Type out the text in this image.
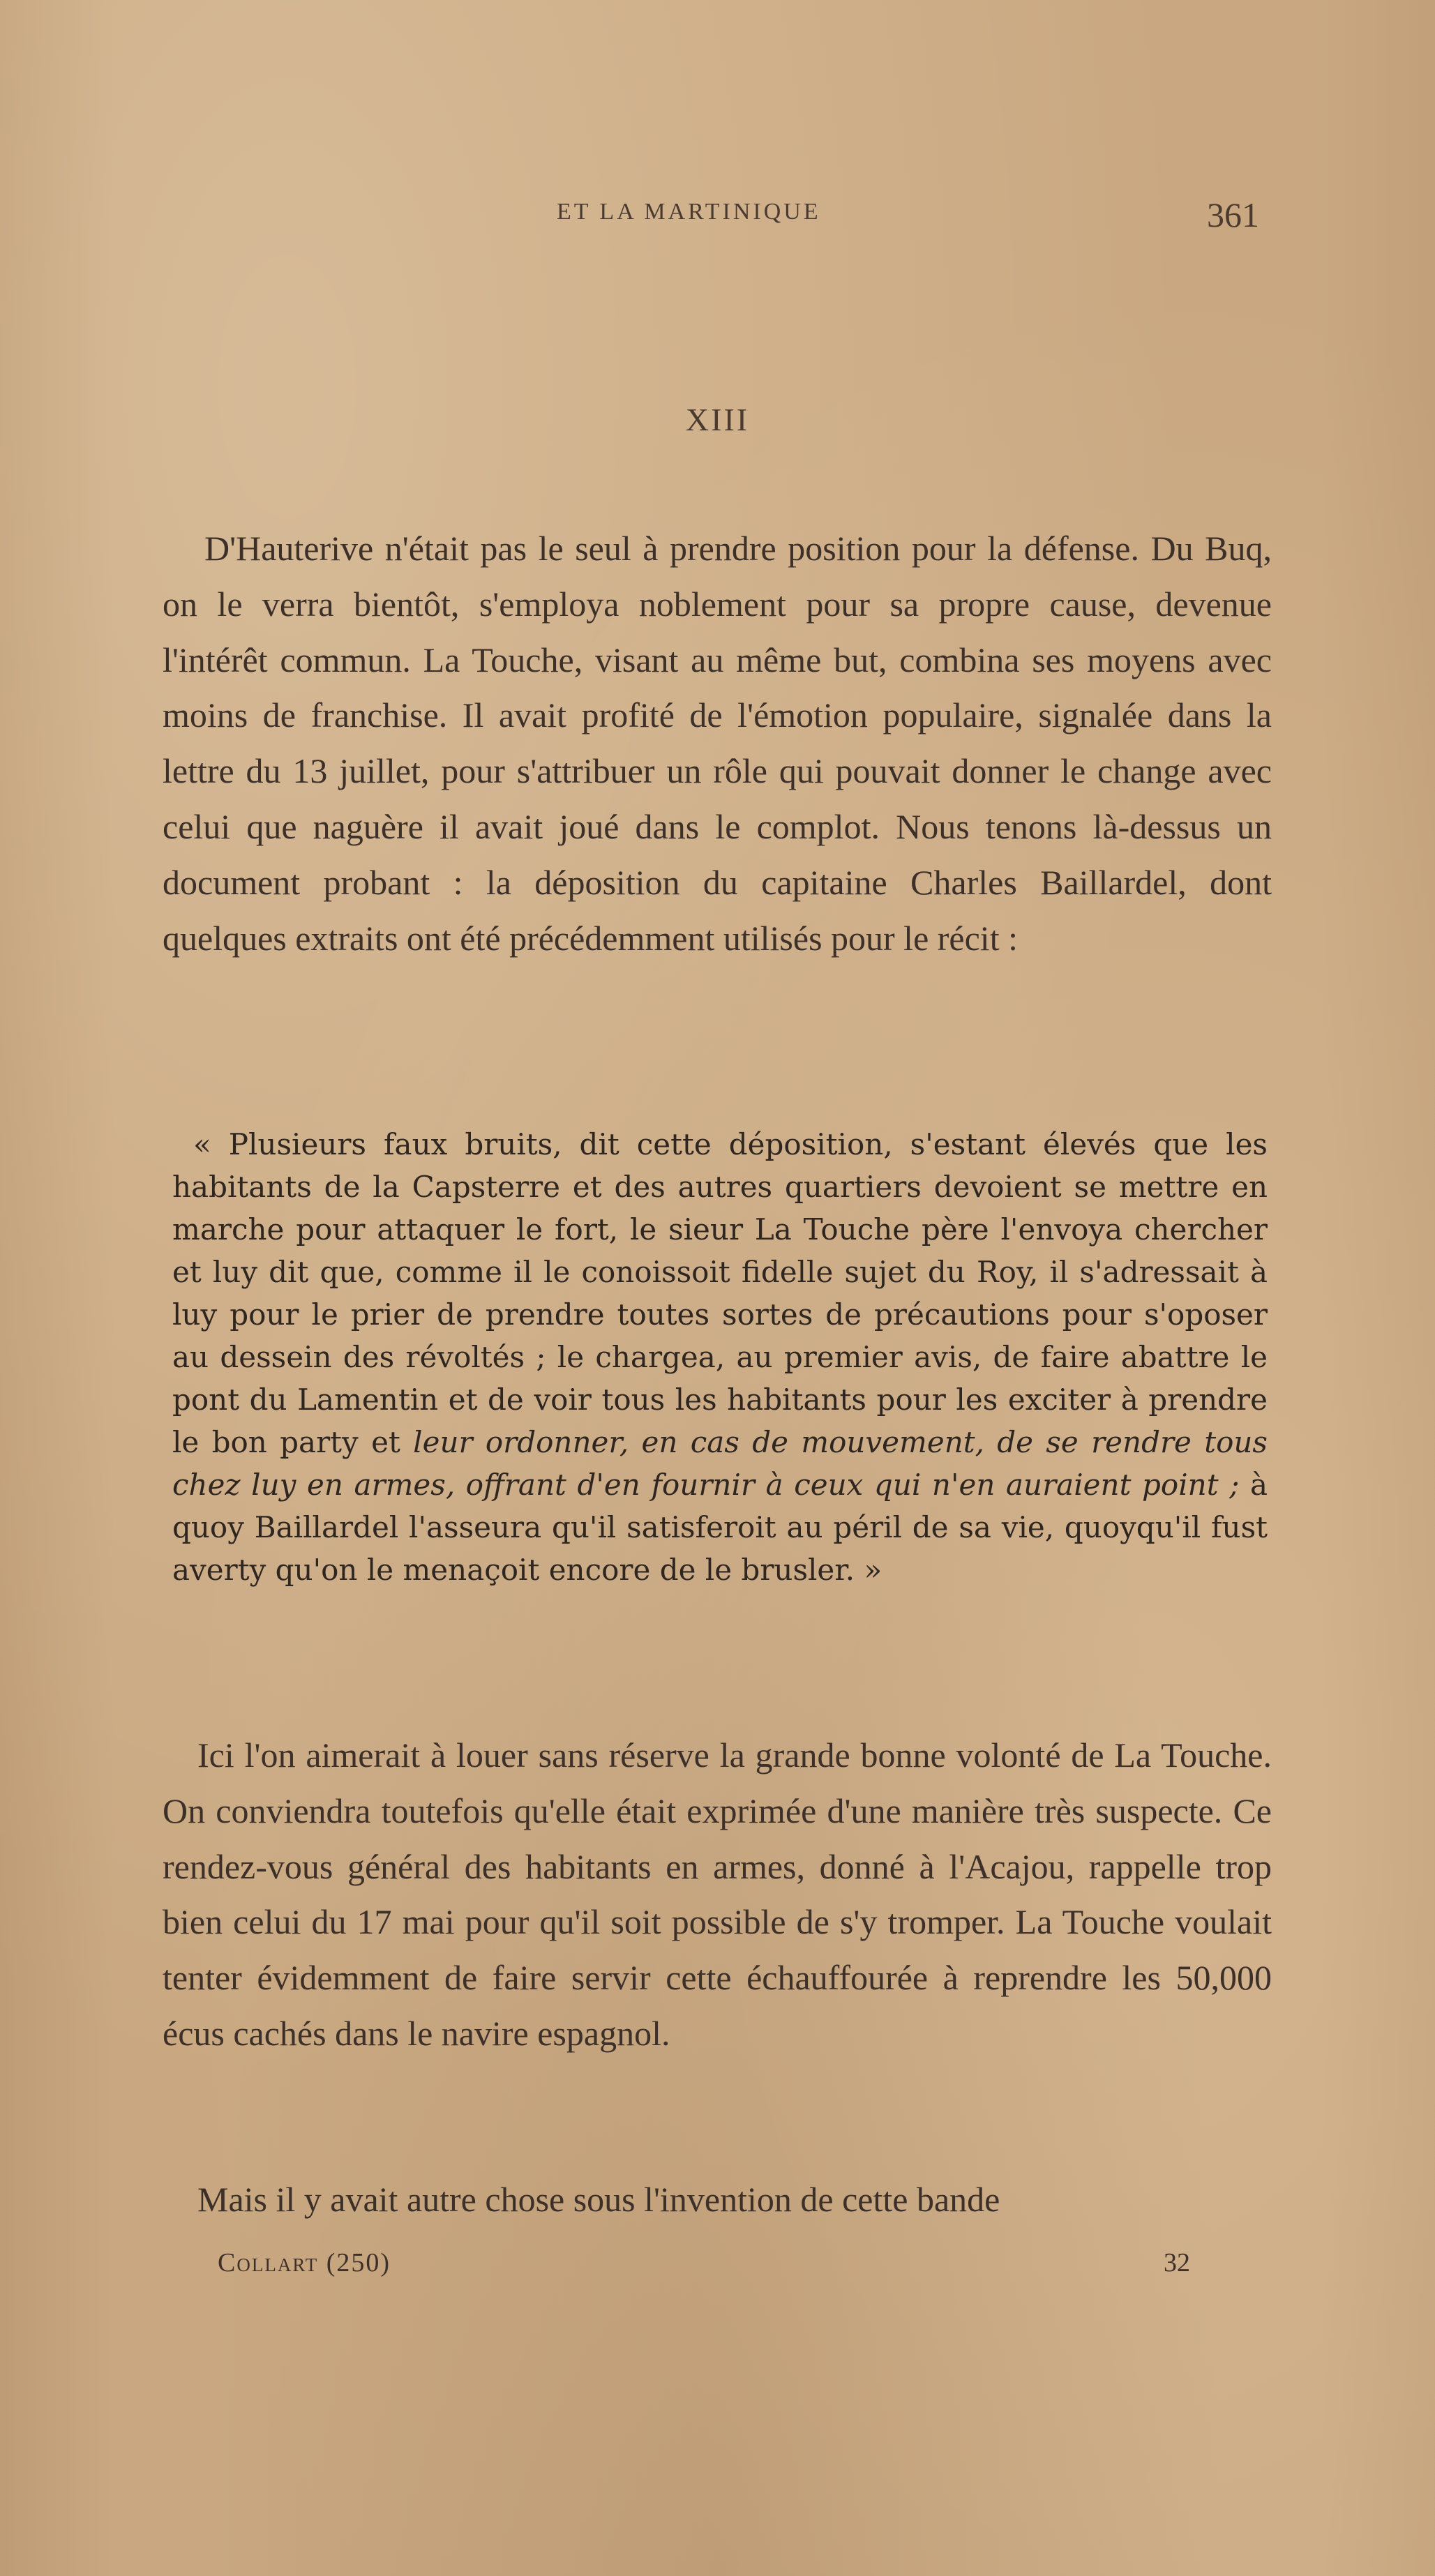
ET LA MARTINIQUE	361
XIII

D'Hauterive n'était pas le seul à prendre position pour la défense. Du Buq, on le verra bientôt, s'employa noblement pour sa propre cause, devenue l'intérêt commun. La Touche, visant au même but, combina ses moyens avec moins de franchise. Il avait profité de l'émotion populaire, signalée dans la lettre du 13 juillet, pour s'attribuer un rôle qui pouvait donner le change avec celui que naguère il avait joué dans le complot. Nous tenons là-dessus un document probant : la déposition du capitaine Charles Baillardel, dont quelques extraits ont été précédemment utilisés pour le récit :

« Plusieurs faux bruits, dit cette déposition, s'estant élevés que les habitants de la Capsterre et des autres quartiers devoient se mettre en marche pour attaquer le fort, le sieur La Touche père l'envoya chercher et luy dit que, comme il le conoissoit fidelle sujet du Roy, il s'adressait à luy pour le prier de prendre toutes sortes de précautions pour s'oposer au dessein des révoltés ; le chargea, au premier avis, de faire abattre le pont du Lamentin et de voir tous les habitants pour les exciter à prendre le bon party et leur ordonner, en cas de mouvement, de se rendre tous chez luy en armes, offrant d'en fournir à ceux qui n'en auraient point ; à quoy Baillardel l'asseura qu'il satisferoit au péril de sa vie, quoyqu'il fust averty qu'on le menaçoit encore de le brusler. »

Ici l'on aimerait à louer sans réserve la grande bonne volonté de La Touche. On conviendra toutefois qu'elle était exprimée d'une manière très suspecte. Ce rendez-vous général des habitants en armes, donné à l'Acajou, rappelle trop bien celui du 17 mai pour qu'il soit possible de s'y tromper. La Touche voulait tenter évidemment de faire servir cette échauffourée à reprendre les 50,000 écus cachés dans le navire espagnol.

Mais il y avait autre chose sous l'invention de cette bande

Collart (250)	32
